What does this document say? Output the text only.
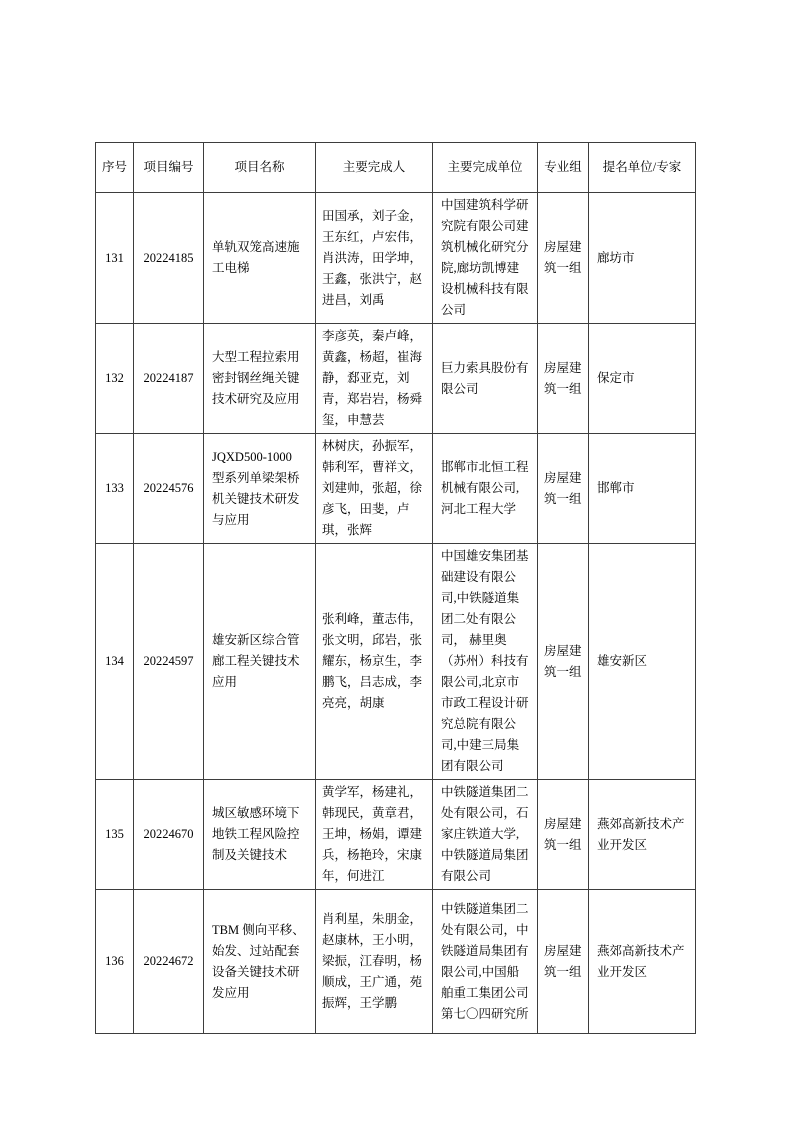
序号	项目编号	项目名称	主要完成人	主要完成单位	专业组	提名单位/专家
131	20224185	单轨双笼高速施工电梯	田国承，刘子金，王东红，卢宏伟，肖洪涛，田学坤，王鑫，张洪宁，赵进昌，刘禹	中国建筑科学研究院有限公司建筑机械化研究分院,廊坊凯博建设机械科技有限公司	房屋建筑一组	廊坊市
132	20224187	大型工程拉索用密封钢丝绳关键技术研究及应用	李彦英，秦卢峰，黄鑫，杨超，崔海静，郄亚克，刘青，郑岩岩，杨舜玺，申慧芸	巨力索具股份有限公司	房屋建筑一组	保定市
133	20224576	JQXD500-1000 型系列单梁架桥机关键技术研发与应用	林树庆，孙振军，韩利军，曹祥文，刘建帅，张超，徐彦飞，田斐，卢琪，张辉	邯郸市北恒工程机械有限公司,河北工程大学	房屋建筑一组	邯郸市
134	20224597	雄安新区综合管廊工程关键技术应用	张利峰，董志伟，张文明，邱岩，张耀东，杨京生，李鹏飞，吕志成，李亮亮，胡康	中国雄安集团基础建设有限公司,中铁隧道集团二处有限公司， 赫里奥（苏州）科技有限公司,北京市市政工程设计研究总院有限公司,中建三局集团有限公司	房屋建筑一组	雄安新区
135	20224670	城区敏感环境下地铁工程风险控制及关键技术	黄学军，杨建礼，韩现民，黄章君，王坤，杨娟，谭建兵，杨艳玲，宋康年，何进江	中铁隧道集团二处有限公司，石家庄铁道大学,中铁隧道局集团有限公司	房屋建筑一组	燕郊高新技术产业开发区
136	20224672	TBM 侧向平移、始发、过站配套设备关键技术研发应用	肖利星，朱朋金，赵康林，王小明，梁振，江春明，杨顺成，王广通，苑振辉，王学鹏	中铁隧道集团二处有限公司，中铁隧道局集团有限公司,中国船舶重工集团公司第七〇四研究所	房屋建筑一组	燕郊高新技术产业开发区
